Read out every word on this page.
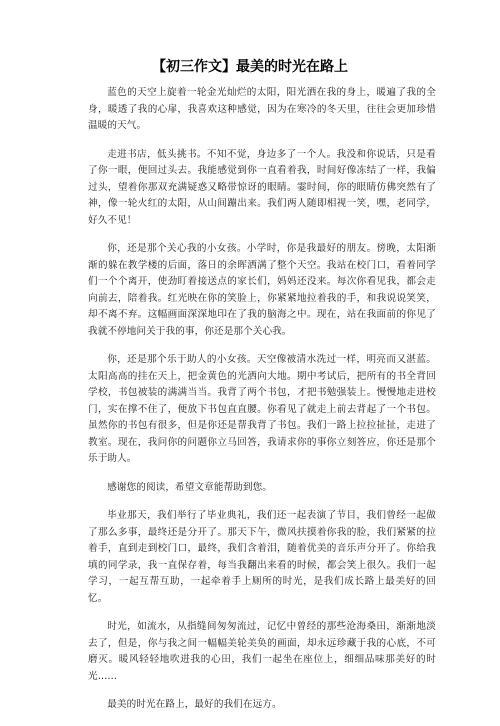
【初三作文】最美的时光在路上

蓝色的天空上旋着一轮金光灿烂的太阳，阳光洒在我的身上，暖遍了我的全身，暖透了我的心扉，我喜欢这种感觉，因为在寒冷的冬天里，往往会更加珍惜温暖的天气。

走进书店，低头挑书。不知不觉，身边多了一个人。我没和你说话，只是看了你一眼，便回过头去。我能感觉到你一直看着我，时间好像冻结了一样，我偏过头，望着你那双充满疑惑又略带惊讶的眼睛。霎时间，你的眼睛仿佛突然有了神，像一轮火红的太阳，从山间蹦出来。我们两人随即相视一笑，嘿，老同学，好久不见！

你，还是那个关心我的小女孩。小学时，你是我最好的朋友。傍晚，太阳渐渐的躲在教学楼的后面，落日的余晖洒满了整个天空。我站在校门口，看着同学们一个个离开，使劲盯着接送点的家长们，妈妈还没来。每次你看见我，都会走向前去，陪着我。红光映在你的笑脸上，你紧紧地拉着我的手，和我说说笑笑，却不离不弃。这幅画面深深地印在了我的脑海之中。现在，站在我面前的你见了我就不停地问关于我的事，你还是那个关心我。

你，还是那个乐于助人的小女孩。天空像被清水洗过一样，明亮而又湛蓝。太阳高高的挂在天上，把金黄色的光洒向大地。期中考试后，把所有的书全背回学校，书包被装的满满当当。我背了两个书包，才把书勉强装上。慢慢地走进校门，实在撑不住了，便放下书包直直腰。你看见了就走上前去背起了一个书包。虽然你的书包有很多，但是你还是帮我背了书包。我们一路上拉拉扯扯，走进了教室。现在，我问你的问题你立马回答，我请求你的事你立刻答应，你还是那个乐于助人。

感谢您的阅读，希望文章能帮助到您。

毕业那天，我们举行了毕业典礼，我们还一起表演了节目，我们曾经一起做了那么多事，最终还是分开了。那天下午，微风扶摸着你我的脸，我们紧紧的拉着手，直到走到校门口，最终，我们含着泪，随着优美的音乐声分开了。你给我填的同学录，我一直保存着，每当我翻出来看的时候，都会笑上很久。我们一起学习，一起互帮互助，一起牵着手上厕所的时光，是我们成长路上最美好的回忆。

时光，如流水，从指缝间匆匆流过，记忆中曾经的那些沧海桑田，渐渐地淡去了，但是，你与我之间一幅幅美轮美奂的画面，却永远珍藏于我的心底，不可磨灭。暖风轻轻地吹进我的心田，我们一起坐在座位上，细细品味那美好的时光……

最美的时光在路上，最好的我们在远方。
